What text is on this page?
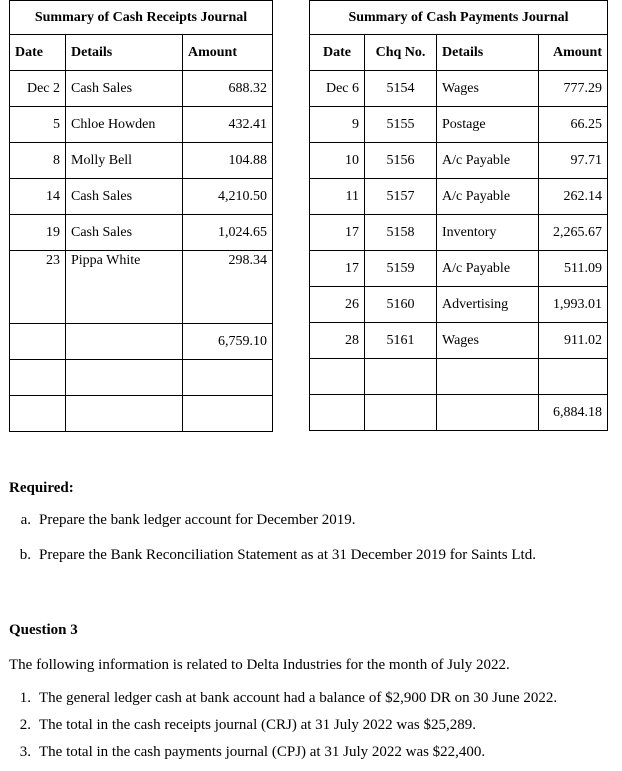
Summary of Cash Receipts Journal		
Date	Details	Amount
Dec 2	Cash Sales	688.32
5	Chloe Howden	432.41
8	Molly Bell	104.88
14	Cash Sales	4,210.50
19	Cash Sales	1,024.65
23	Pippa White	298.34

		6,759.10

Summary of Cash Payments Journal			
Date	Chq No.	Details	Amount
Dec 6	5154	Wages	777.29
9	5155	Postage	66.25
10	5156	A/c Payable	97.71
11	5157	A/c Payable	262.14
17	5158	Inventory	2,265.67
17	5159	A/c Payable	511.09
26	5160	Advertising	1,993.01
28	5161	Wages	911.02

			6,884.18
Required:
a. Prepare the bank ledger account for December 2019.
b. Prepare the Bank Reconciliation Statement as at 31 December 2019 for Saints Ltd.
Question 3
The following information is related to Delta Industries for the month of July 2022.
1. The general ledger cash at bank account had a balance of $2,900 DR on 30 June 2022.
2. The total in the cash receipts journal (CRJ) at 31 July 2022 was $25,289.
3. The total in the cash payments journal (CPJ) at 31 July 2022 was $22,400.
